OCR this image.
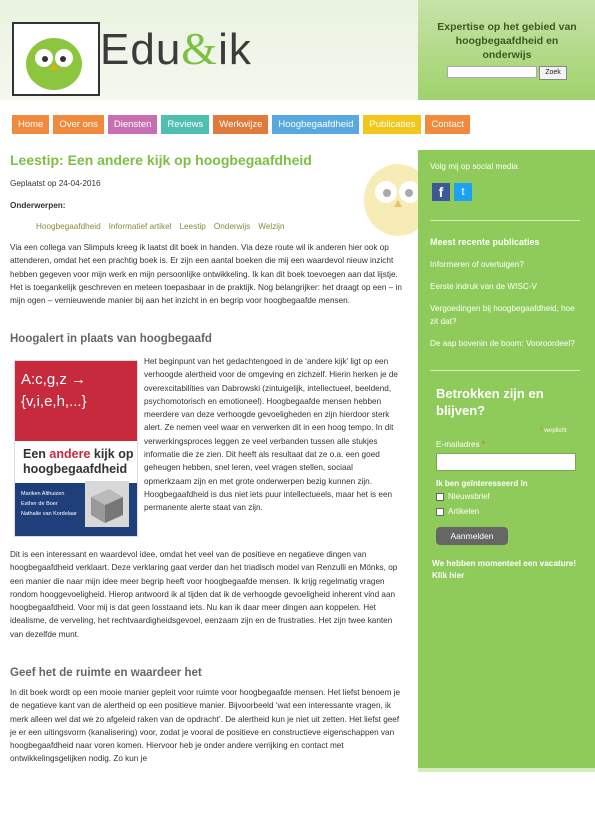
Edu&ik	Expertise op het gebied van hoogbegaafdheid en onderwijs
Zoek
Home	Over ons	Diensten	Reviews	Werkwijze	Hoogbegaafdheid	Publicaties	Contact
Leestip: Een andere kijk op hoogbegaafdheid
Geplaatst op 24-04-2016
Onderwerpen:
Hoogbegaafdheid Informatief artikel Leestip Onderwijs Welzijn
Via een collega van Slimpuls kreeg ik laatst dit boek in handen. Via deze route wil ik anderen hier ook op attenderen, omdat het een prachtig boek is. Er zijn een aantal boeken die mij een waardevol nieuw inzicht hebben gegeven voor mijn werk en mijn persoonlijke ontwikkeling. Ik kan dit boek toevoegen aan dat lijstje. Het is toegankelijk geschreven en meteen toepasbaar in de praktijk. Nog belangrijker: het draagt op een – in mijn ogen – vernieuwende manier bij aan het inzicht in en begrip voor hoogbegaafde mensen.
Hoogalert in plaats van hoogbegaafd
A:c,g,z →
{v,i,e,h,...}
Een andere kijk op
hoogbegaafdheid
Mariken Althuizen
Esther de Boer
Nathalie van Kordelaar
Het beginpunt van het gedachtengoed in de ‘andere kijk’ ligt op een verhoogde alertheid voor de omgeving en zichzelf. Hierin herken je de overexcitabilities van Dabrowski (zintuigelijk, intellectueel, beeldend, psychomotorisch en emotioneel). Hoogbegaafde mensen hebben meerdere van deze verhoogde gevoeligheden en zijn hierdoor sterk alert. Ze nemen veel waar en verwerken dit in een hoog tempo. In dit verwerkingsproces leggen ze veel verbanden tussen alle stukjes informatie die ze zien. Dit heeft als resultaat dat ze o.a. een goed geheugen hebben, snel leren, veel vragen stellen, sociaal opmerkzaam zijn en met grote onderwerpen bezig kunnen zijn. Hoogbegaafdheid is dus niet iets puur intellectueels, maar het is een permanente alerte staat van zijn.
Dit is een interessant en waardevol idee, omdat het veel van de positieve en negatieve dingen van hoogbegaafdheid verklaart. Deze verklaring gaat verder dan het triadisch model van Renzulli en Mönks, op een manier die naar mijn idee meer begrip heeft voor hoogbegaafde mensen. Ik krijg regelmatig vragen rondom hooggevoeligheid. Hierop antwoord ik al tijden dat ik de verhoogde gevoeligheid inherent vind aan hoogbegaafdheid. Voor mij is dat geen losstaand iets. Nu kan ik daar meer dingen aan koppelen. Het idealisme, de verveling, het rechtvaardigheidsgevoel, eenzaam zijn en de frustraties. Het zijn twee kanten van dezelfde munt.
Geef het de ruimte en waardeer het
In dit boek wordt op een mooie manier gepleit voor ruimte voor hoogbegaafde mensen. Het liefst benoem je de negatieve kant van de alertheid op een positieve manier. Bijvoorbeeld ‘wat een interessante vragen, ik merk alleen wel dat we zo afgeleid raken van de opdracht’. De alertheid kun je niet uit zetten. Het liefst geef je er een uitingsvorm (kanalisering) voor, zodat je vooral de positieve en constructieve eigenschappen van hoogbegaafdheid naar voren komen. Hiervoor heb je onder andere verrijking en contact met ontwikkelingsgelijken nodig. Zo kun je
Volg mij op social media
f	t
Meest recente publicaties
Informeren of overtuigen?
Eerste indruk van de WISC-V
Vergoedingen bij hoogbegaafdheid, hoe zit dat?
De aap bovenin de boom: Vooroordeel?
Betrokken zijn en blijven?
* verplicht
E-mailadres *
Ik ben geïnteresseerd in
Nieuwsbrief
Artikelen
Aanmelden
We hebben momenteel een vacature! Klik hier
